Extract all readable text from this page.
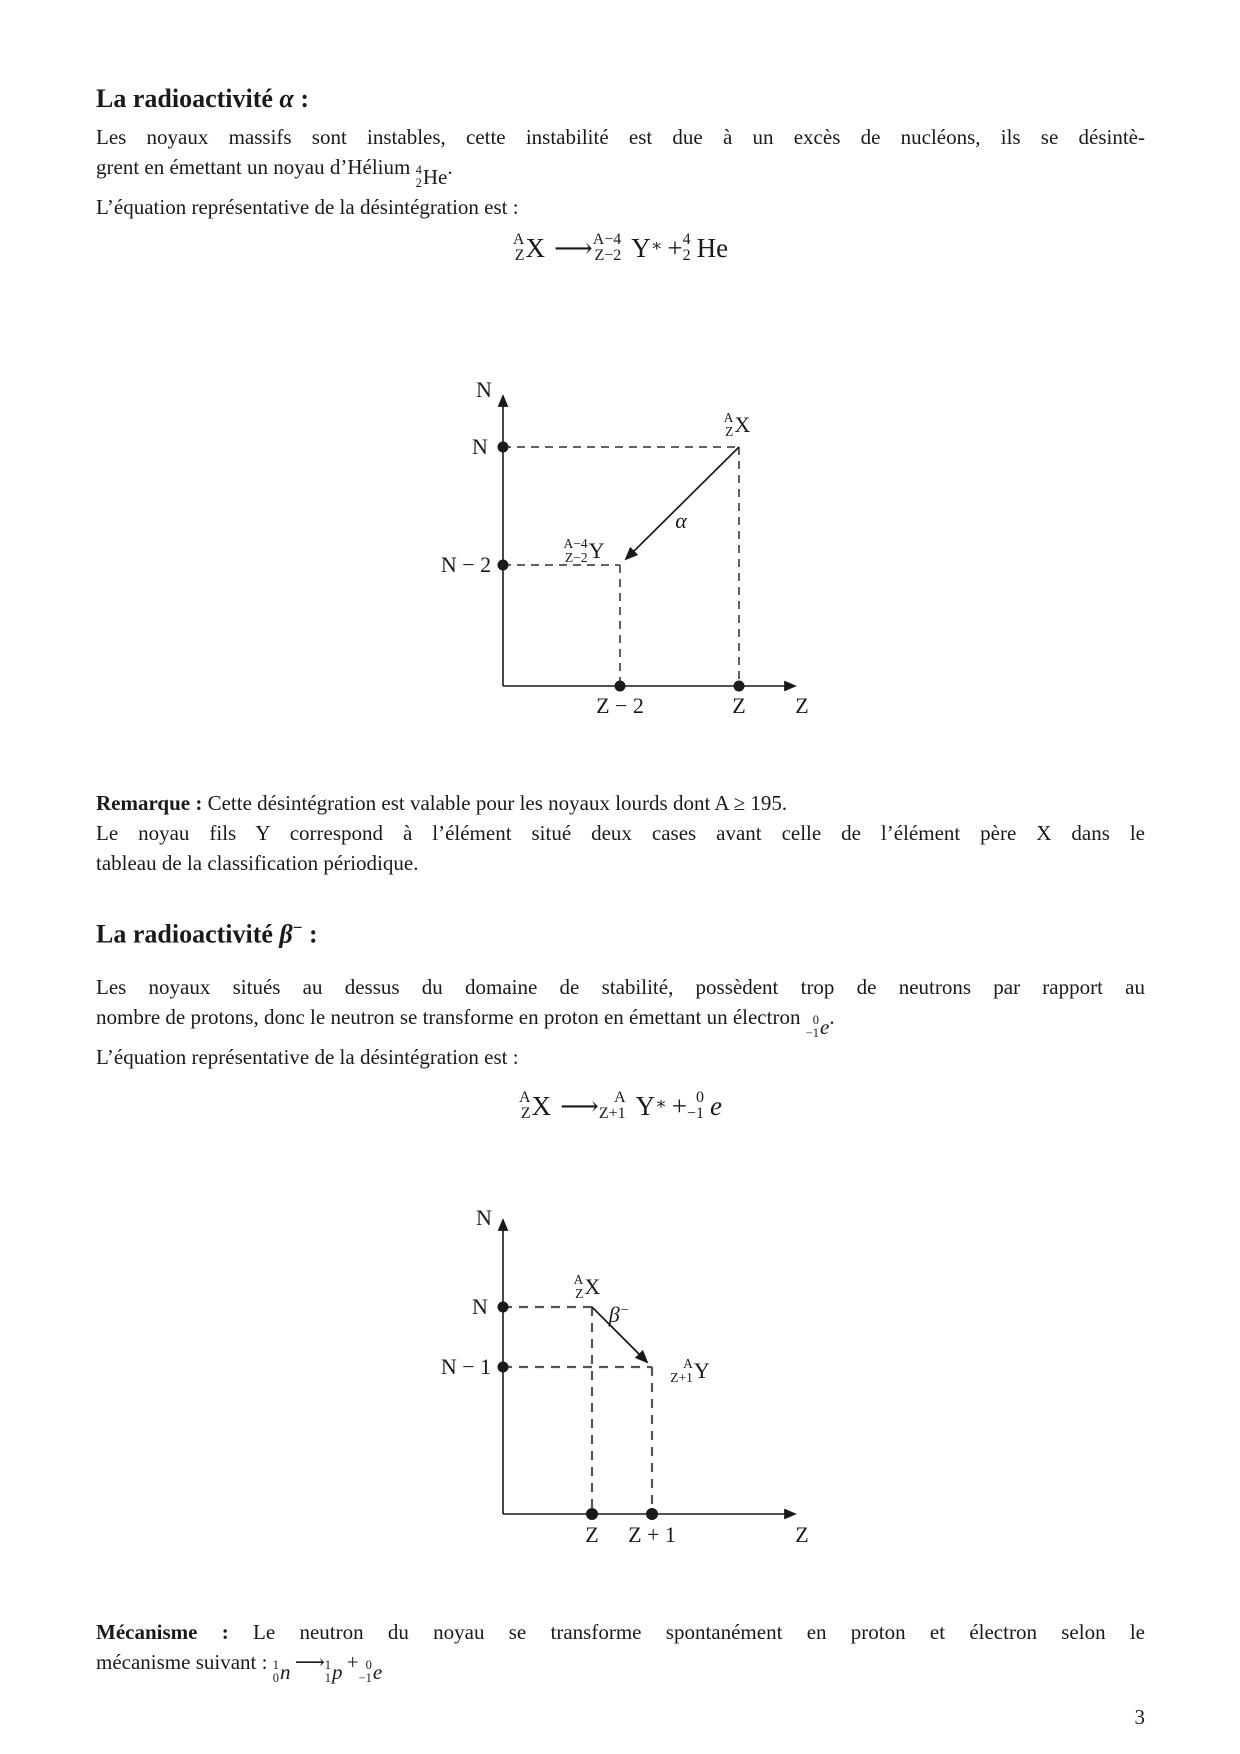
La radioactivité α :
Les noyaux massifs sont instables, cette instabilité est due à un excès de nucléons, ils se désintè-
grent en émettant un noyau d’Hélium 4
2 He .
L’équation représentative de la désintégration est :
A
Z X ⟶ A−4
Z−2 Y∗ + 4
2 He
N
N
N − 2
Z − 2	Z Z
α
A
Z X
A−4
Z−2 Y
Remarque : Cette désintégration est valable pour les noyaux lourds dont A ≥ 195.
Le noyau fils Y correspond à l’élément situé deux cases avant celle de l’élément père X dans le
tableau de la classification périodique.
La radioactivité β− :
Les noyaux situés au dessus du domaine de stabilité, possèdent trop de neutrons par rapport au
nombre de protons, donc le neutron se transforme en proton en émettant un électron 0
−1 e .
L’équation représentative de la désintégration est :
A
Z X ⟶ A
Z+1 Y∗ + 0
−1 e
N
N
N − 1
Z Z + 1	Z
β−
A
Z X
A
Z+1 Y
Mécanisme : Le neutron du noyau se transforme spontanément en proton et électron selon le
mécanisme suivant : 1
0 n
  ⟶ 1
1 p
  + 0
−1 e
3
